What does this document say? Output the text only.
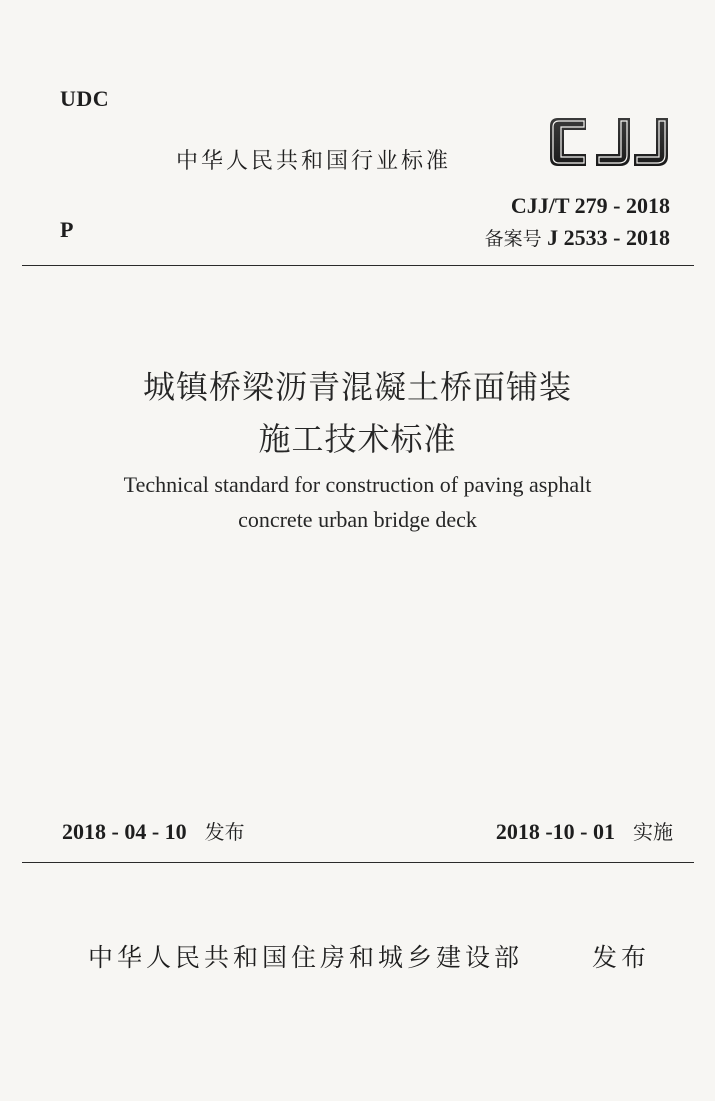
UDC
中华人民共和国行业标准
CJJ/T 279 - 2018
P	备案号 J 2533 - 2018
城镇桥梁沥青混凝土桥面铺装
施工技术标准
Technical standard for construction of paving asphalt
concrete urban bridge deck
2018 - 04 - 10 发布	2018 -10 - 01 实施
中华人民共和国住房和城乡建设部	发布
